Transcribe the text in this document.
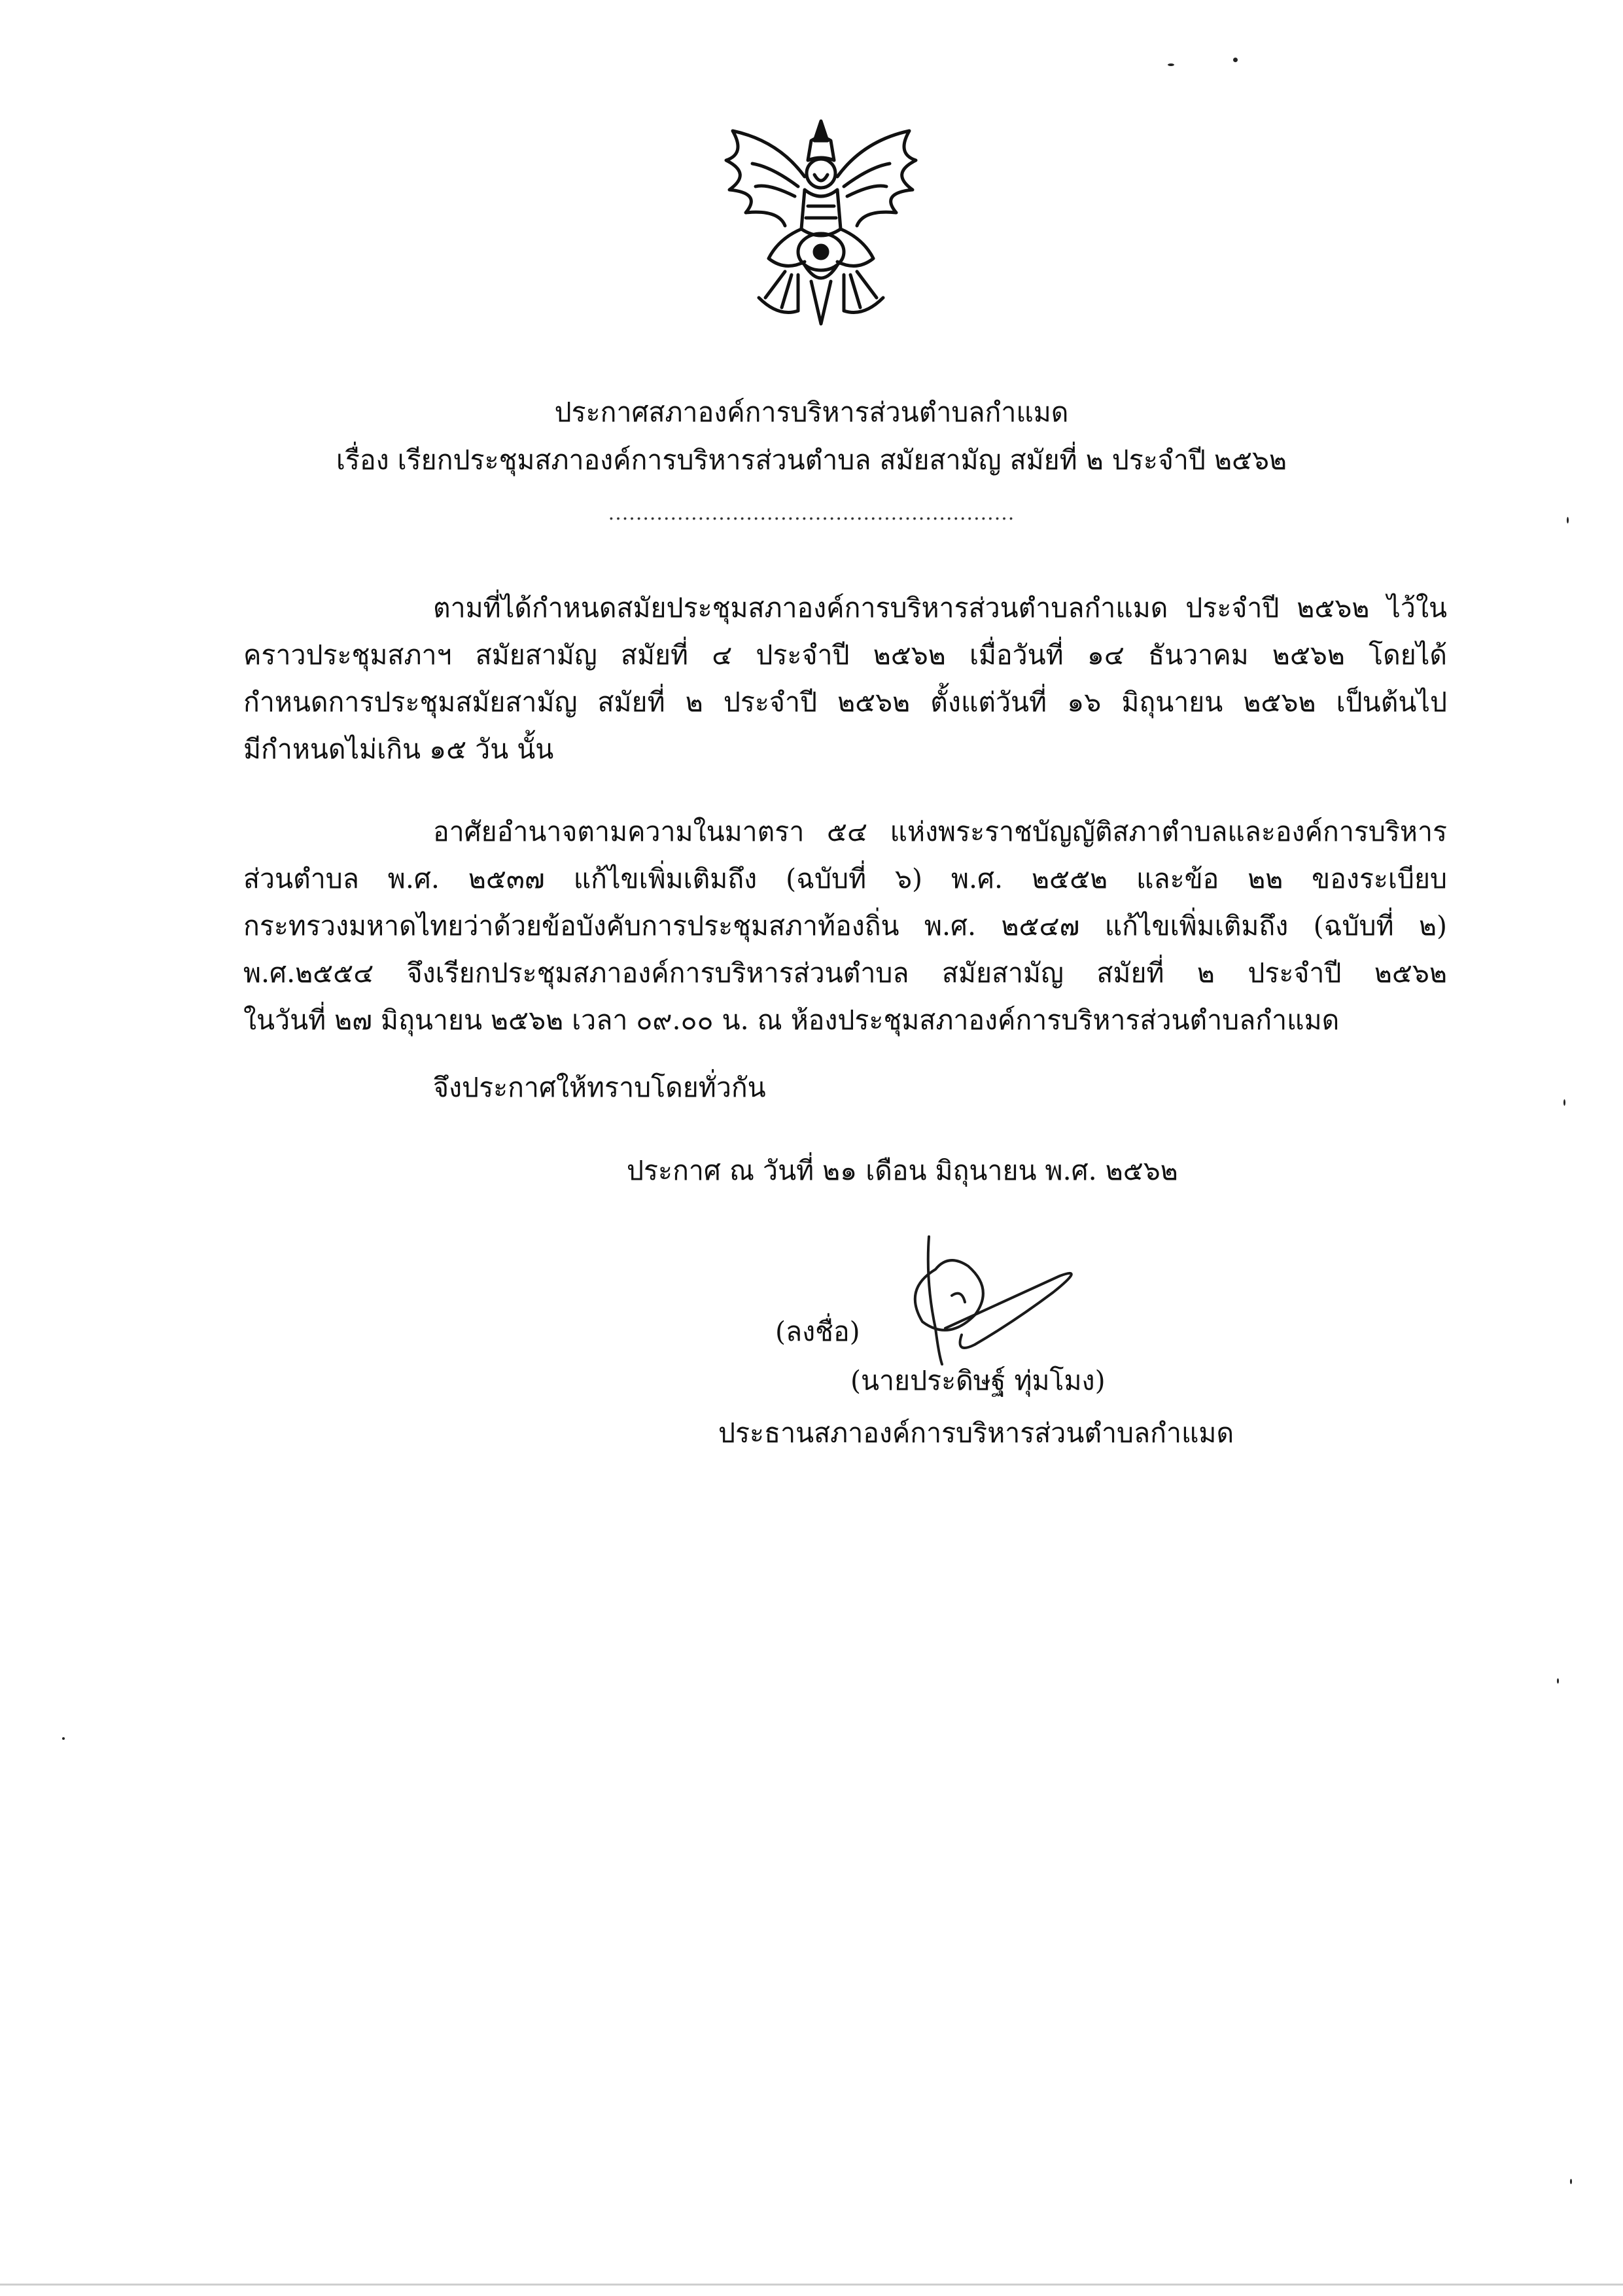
ประกาศสภาองค์การบริหารส่วนตำบลกำแมด
เรื่อง เรียกประชุมสภาองค์การบริหารส่วนตำบล สมัยสามัญ สมัยที่ ๒ ประจำปี ๒๕๖๒
...........................................................
ตามที่ได้กำหนดสมัยประชุมสภาองค์การบริหารส่วนตำบลกำแมด ประจำปี ๒๕๖๒ ไว้ใน
คราวประชุมสภาฯ สมัยสามัญ สมัยที่ ๔ ประจำปี ๒๕๖๒ เมื่อวันที่ ๑๔ ธันวาคม ๒๕๖๒ โดยได้
กำหนดการประชุมสมัยสามัญ สมัยที่ ๒ ประจำปี ๒๕๖๒ ตั้งแต่วันที่ ๑๖ มิถุนายน ๒๕๖๒ เป็นต้นไป
มีกำหนดไม่เกิน ๑๕ วัน นั้น
อาศัยอำนาจตามความในมาตรา ๕๔ แห่งพระราชบัญญัติสภาตำบลและองค์การบริหาร
ส่วนตำบล พ.ศ. ๒๕๓๗ แก้ไขเพิ่มเติมถึง (ฉบับที่ ๖) พ.ศ. ๒๕๕๒ และข้อ ๒๒ ของระเบียบ
กระทรวงมหาดไทยว่าด้วยข้อบังคับการประชุมสภาท้องถิ่น พ.ศ. ๒๕๔๗ แก้ไขเพิ่มเติมถึง (ฉบับที่ ๒)
พ.ศ.๒๕๕๔ จึงเรียกประชุมสภาองค์การบริหารส่วนตำบล สมัยสามัญ สมัยที่ ๒ ประจำปี ๒๕๖๒
ในวันที่ ๒๗ มิถุนายน ๒๕๖๒ เวลา ๐๙.๐๐ น. ณ ห้องประชุมสภาองค์การบริหารส่วนตำบลกำแมด
จึงประกาศให้ทราบโดยทั่วกัน
ประกาศ ณ วันที่ ๒๑ เดือน มิถุนายน พ.ศ. ๒๕๖๒
(ลงชื่อ)
(นายประดิษฐ์ ทุ่มโมง)
ประธานสภาองค์การบริหารส่วนตำบลกำแมด
